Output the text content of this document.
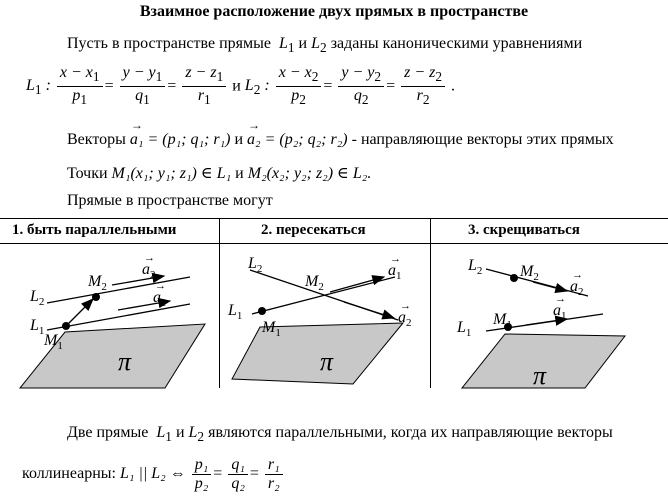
Взаимное расположение двух прямых в пространстве
Пусть в пространстве прямые  $L_1$ и $L_2$ заданы каноническими уравнениями
$L_1$ : $\frac{x - x_1}{p_1} = \frac{y - y_1}{q_1} = \frac{z - z_1}{r_1}$ и $L_2$ : $\frac{x - x_2}{p_2} = \frac{y - y_2}{q_2} = \frac{z - z_2}{r_2}$ .
Векторы → a₁ = (p₁; q₁; r₁) и → a₂ = (p₂; q₂; r₂) - направляющие векторы этих прямых
Точки M₁(x₁; y₁; z₁) ∈ L₁ и M₂(x₂; y₂; z₂) ∈ L₂.
Прямые в пространстве могут
1. быть параллельными	2. пересекаться	3. скрещиваться
$L_2$
$L_1$
$M_1$
$M_2$
$a_2$
→
$a_1$
→
π
$L_2$
$L_1$
$M_1$
$M_2$
$a_1$
→
$a_2$
→
π
$L_2$
$L_1$
$M_2$
$M_1$
$a_2$
→
$a_1$
→
π
Две прямые  $L_1$ и $L_2$ являются параллельными, когда их направляющие векторы
коллинеарны: L₁ || L₂ ⇔ $\frac{\text{p₁}}{\text{p₂}} = \frac{\text{q₁}}{\text{q₂}} = \frac{\text{r₁}}{\text{r₂}}$
